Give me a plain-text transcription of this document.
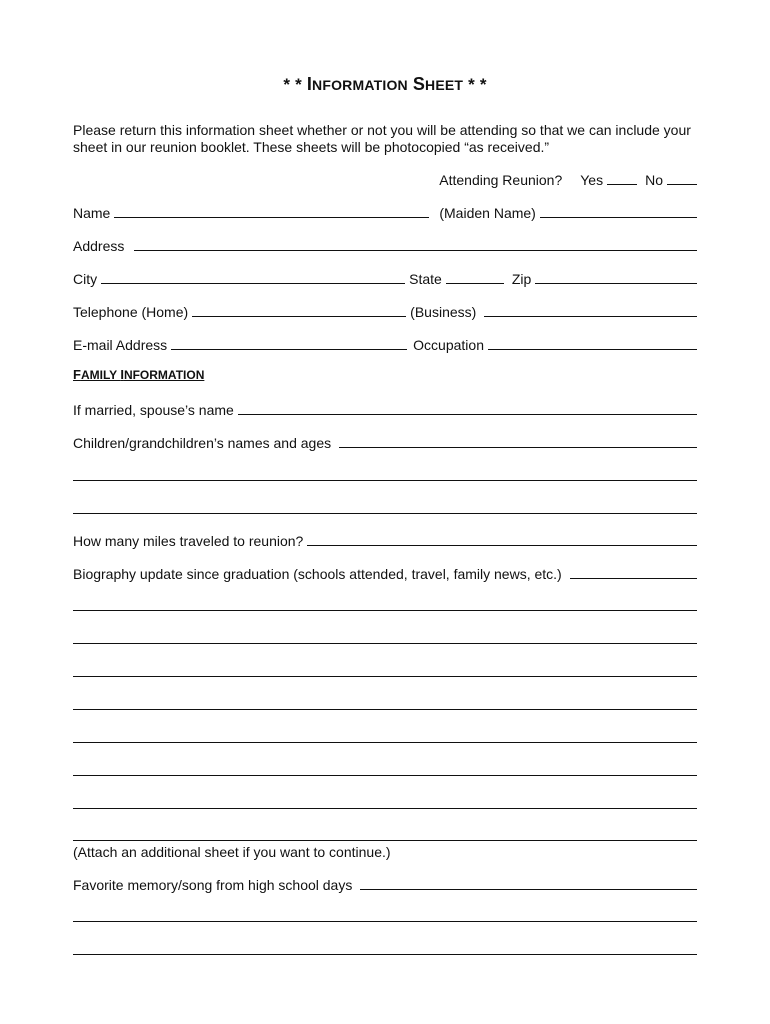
* * INFORMATION SHEET * *
Please return this information sheet whether or not you will be attending so that we can include your sheet in our reunion booklet. These sheets will be photocopied “as received.”
Attending Reunion?	Yes	No
Name	(Maiden Name)
Address
City	State	Zip
Telephone (Home)	(Business)
E-mail Address	Occupation
FAMILY INFORMATION
If married, spouse’s name
Children/grandchildren’s names and ages
How many miles traveled to reunion?
Biography update since graduation (schools attended, travel, family news, etc.)
(Attach an additional sheet if you want to continue.)
Favorite memory/song from high school days
